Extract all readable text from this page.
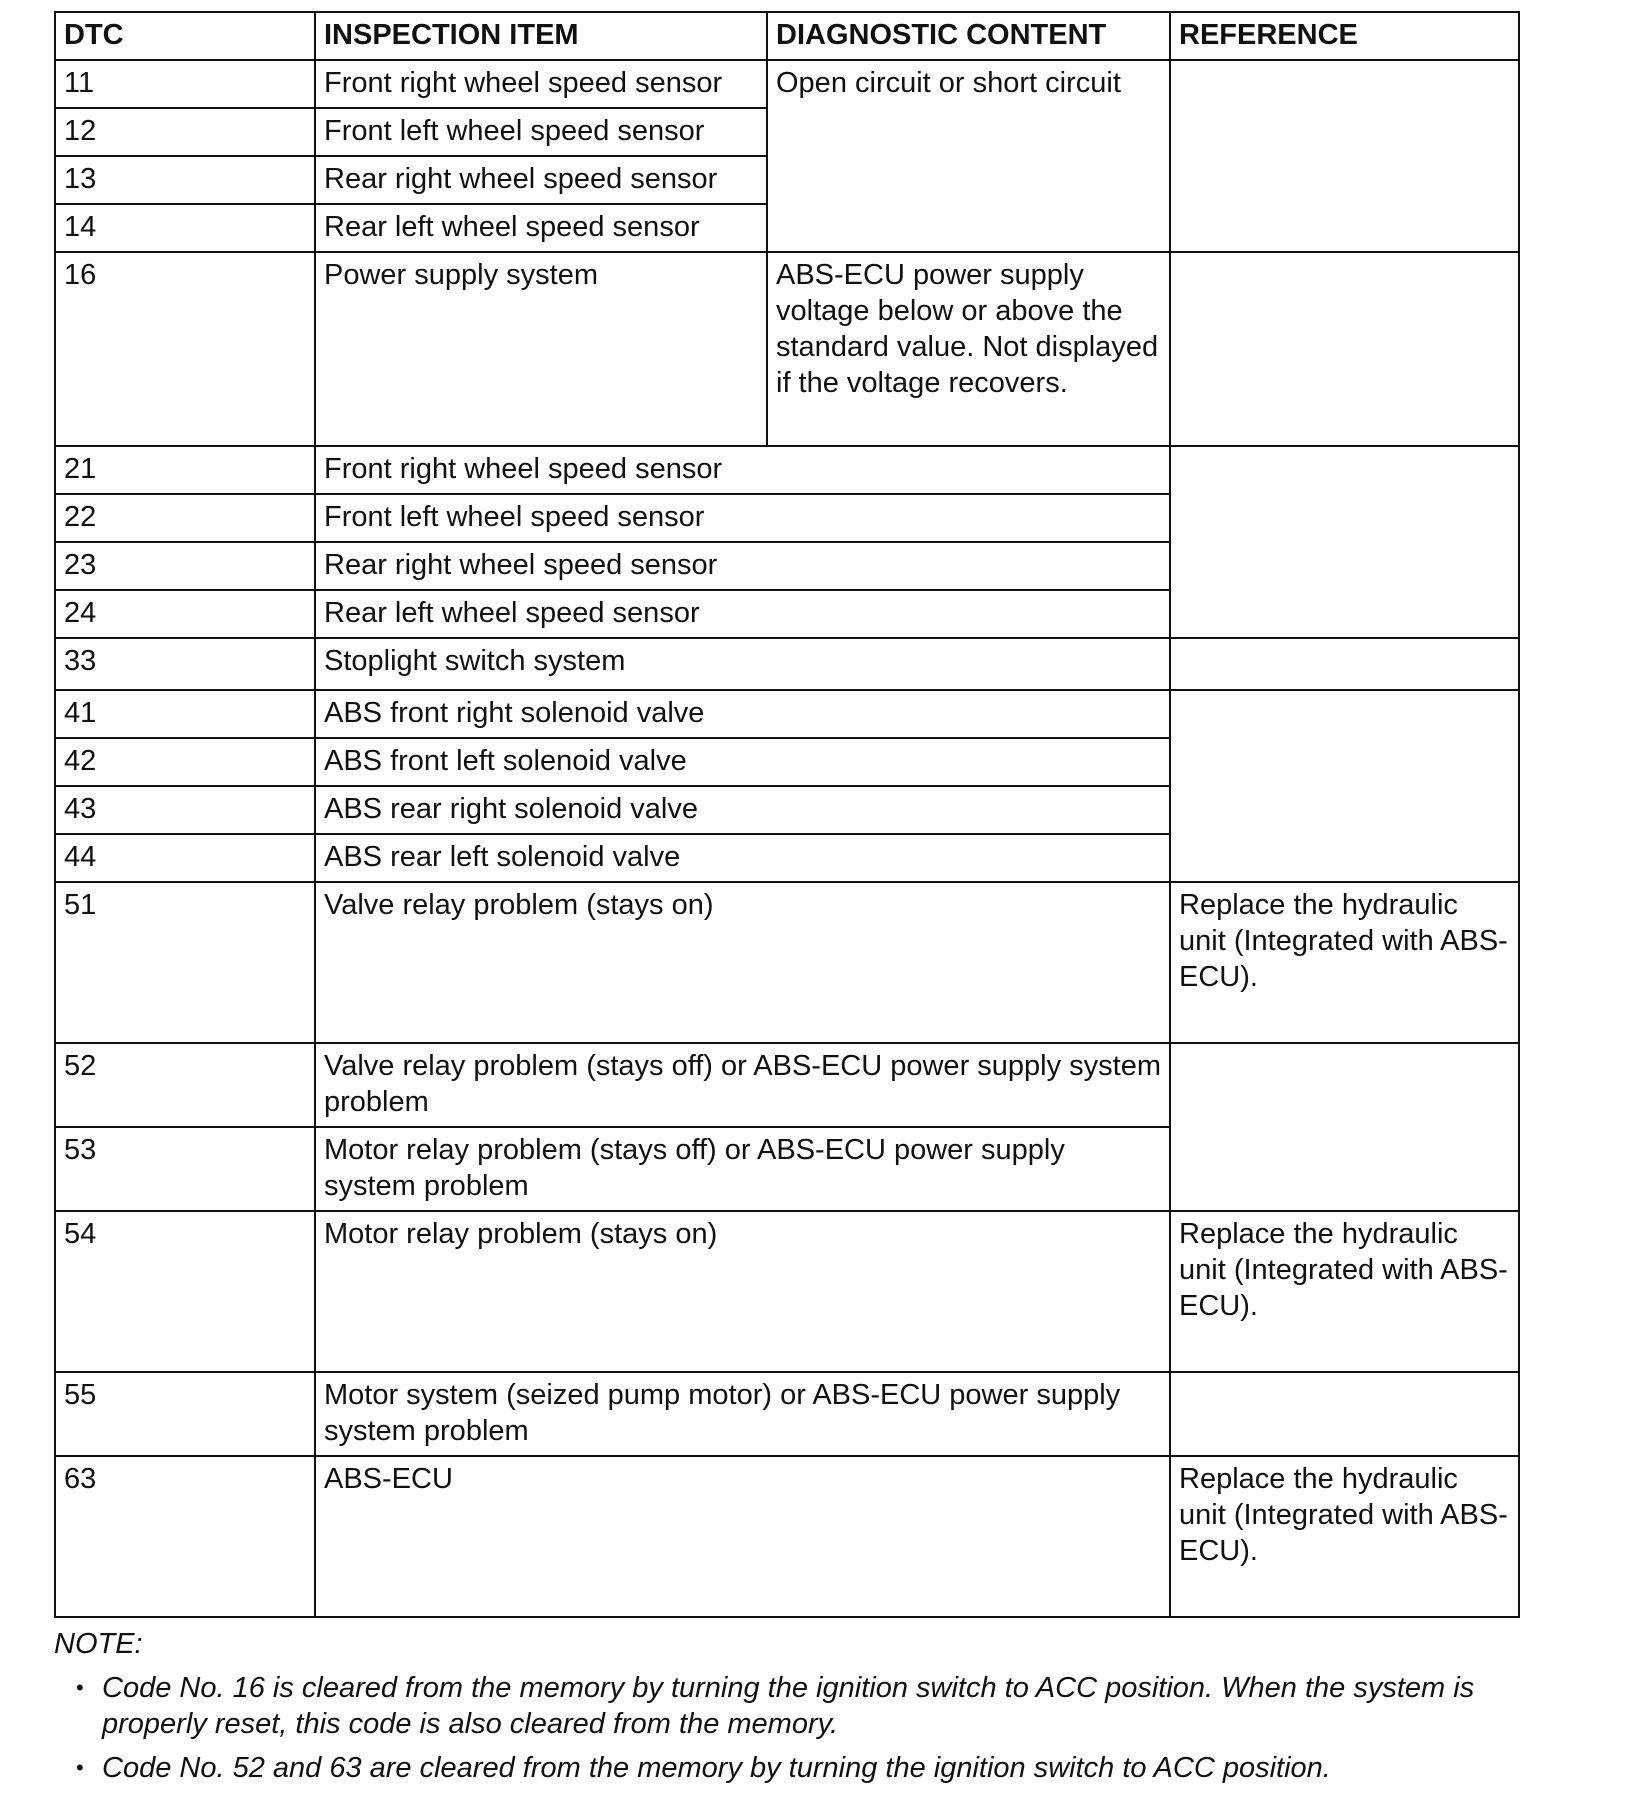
DTC	INSPECTION ITEM	DIAGNOSTIC CONTENT	REFERENCE
11	Front right wheel speed sensor	Open circuit or short circuit	
12	Front left wheel speed sensor		
13	Rear right wheel speed sensor		
14	Rear left wheel speed sensor		
16	Power supply system	ABS-ECU power supply voltage below or above the standard value. Not displayed if the voltage recovers.	
21	Front right wheel speed sensor		
22	Front left wheel speed sensor		
23	Rear right wheel speed sensor		
24	Rear left wheel speed sensor		
33	Stoplight switch system		
41	ABS front right solenoid valve		
42	ABS front left solenoid valve		
43	ABS rear right solenoid valve		
44	ABS rear left solenoid valve		
51	Valve relay problem (stays on)		Replace the hydraulic unit (Integrated with ABS-ECU).
52	Valve relay problem (stays off) or ABS-ECU power supply system problem		
53	Motor relay problem (stays off) or ABS-ECU power supply system problem		
54	Motor relay problem (stays on)		Replace the hydraulic unit (Integrated with ABS-ECU).
55	Motor system (seized pump motor) or ABS-ECU power supply system problem		
63	ABS-ECU		Replace the hydraulic unit (Integrated with ABS-ECU).
NOTE:
• Code No. 16 is cleared from the memory by turning the ignition switch to ACC position. When the system is properly reset, this code is also cleared from the memory.
• Code No. 52 and 63 are cleared from the memory by turning the ignition switch to ACC position.
